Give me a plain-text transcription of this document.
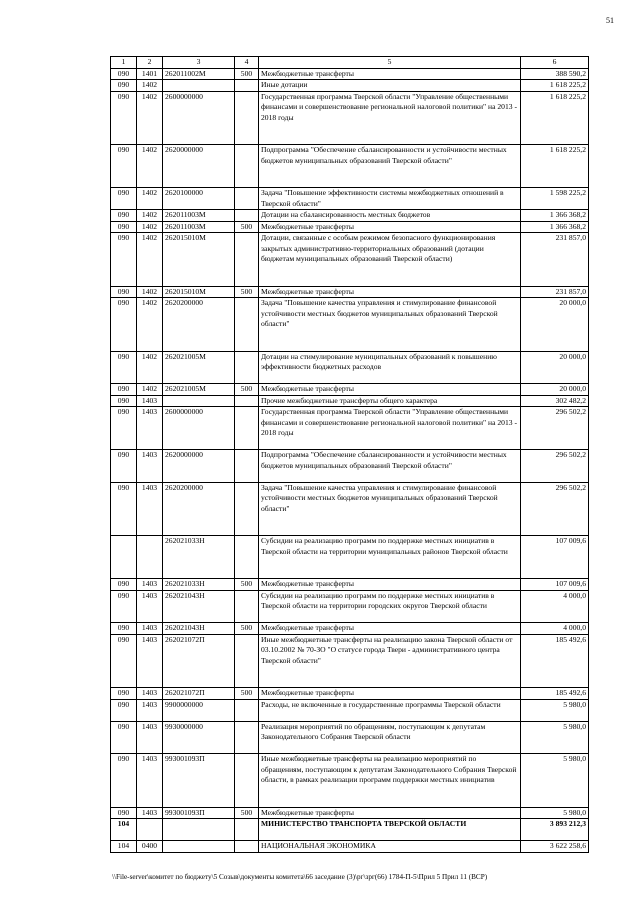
51
1	2	3	4	5	6
090	1401	262011002М	500	Межбюджетные трансферты	388 590,2
090	1402			Иные дотации	1 618 225,2
090	1402	2600000000		Государственная программа Тверской области "Управление общественными финансами и совершенствование региональной налоговой политики" на 2013 - 2018 годы	1 618 225,2
090	1402	2620000000		Подпрограмма "Обеспечение сбалансированности и устойчивости местных бюджетов муниципальных образований Тверской области"	1 618 225,2
090	1402	2620100000		Задача "Повышение эффективности системы межбюджетных отношений в Тверской области"	1 598 225,2
090	1402	262011003М		Дотации на сбалансированность местных бюджетов	1 366 368,2
090	1402	262011003М	500	Межбюджетные трансферты	1 366 368,2
090	1402	262015010М		Дотации, связанные с особым режимом безопасного функционирования закрытых административно-территориальных образований (дотации бюджетам муниципальных образований Тверской области)	231 857,0
090	1402	262015010М	500	Межбюджетные трансферты	231 857,0
090	1402	2620200000		Задача "Повышение качества управления и стимулирование финансовой устойчивости местных бюджетов муниципальных образований Тверской области"	20 000,0
090	1402	262021005М		Дотации на стимулирование муниципальных образований к повышению эффективности бюджетных расходов	20 000,0
090	1402	262021005М	500	Межбюджетные трансферты	20 000,0
090	1403			Прочие межбюджетные трансферты общего характера	302 482,2
090	1403	2600000000		Государственная программа Тверской области "Управление общественными финансами и совершенствование региональной налоговой политики" на 2013 - 2018 годы	296 502,2
090	1403	2620000000		Подпрограмма "Обеспечение сбалансированности и устойчивости местных бюджетов муниципальных образований Тверской области"	296 502,2
090	1403	2620200000		Задача "Повышение качества управления и стимулирование финансовой устойчивости местных бюджетов муниципальных образований Тверской области"	296 502,2
		262021033Н		Субсидии на реализацию программ по поддержке местных инициатив в Тверской области на территории муниципальных районов Тверской области	107 009,6
090	1403	262021033Н	500	Межбюджетные трансферты	107 009,6
090	1403	262021043Н		Субсидии на реализацию программ по поддержке местных инициатив в Тверской области на территории городских округов Тверской области	4 000,0
090	1403	262021043Н	500	Межбюджетные трансферты	4 000,0
090	1403	262021072П		Иные межбюджетные трансферты на реализацию закона Тверской области от 03.10.2002 № 70-ЗО "О статусе города Твери - административного центра Тверской области"	185 492,6
090	1403	262021072П	500	Межбюджетные трансферты	185 492,6
090	1403	9900000000		Расходы, не включенные в государственные программы Тверской области	5 980,0
090	1403	9930000000		Реализация мероприятий по обращениям, поступающим к депутатам Законодательного Собрания Тверской области	5 980,0
090	1403	993001093П		Иные межбюджетные трансферты на реализацию мероприятий по обращениям, поступающим к депутатам Законодательного Собрания Тверской области, в рамках реализации программ поддержки местных инициатив	5 980,0
090	1403	993001093П	500	Межбюджетные трансферты	5 980,0
104				МИНИСТЕРСТВО ТРАНСПОРТА ТВЕРСКОЙ ОБЛАСТИ	3 893 212,3
104	0400			НАЦИОНАЛЬНАЯ ЭКОНОМИКА	3 622 258,6
\\File-server\комитет по бюджету\5 Созыв\документы комитета\66 заседание (3)\рг\зрг(66) 1784-П-5\Прил 5 Прил 11 (ВСР)
